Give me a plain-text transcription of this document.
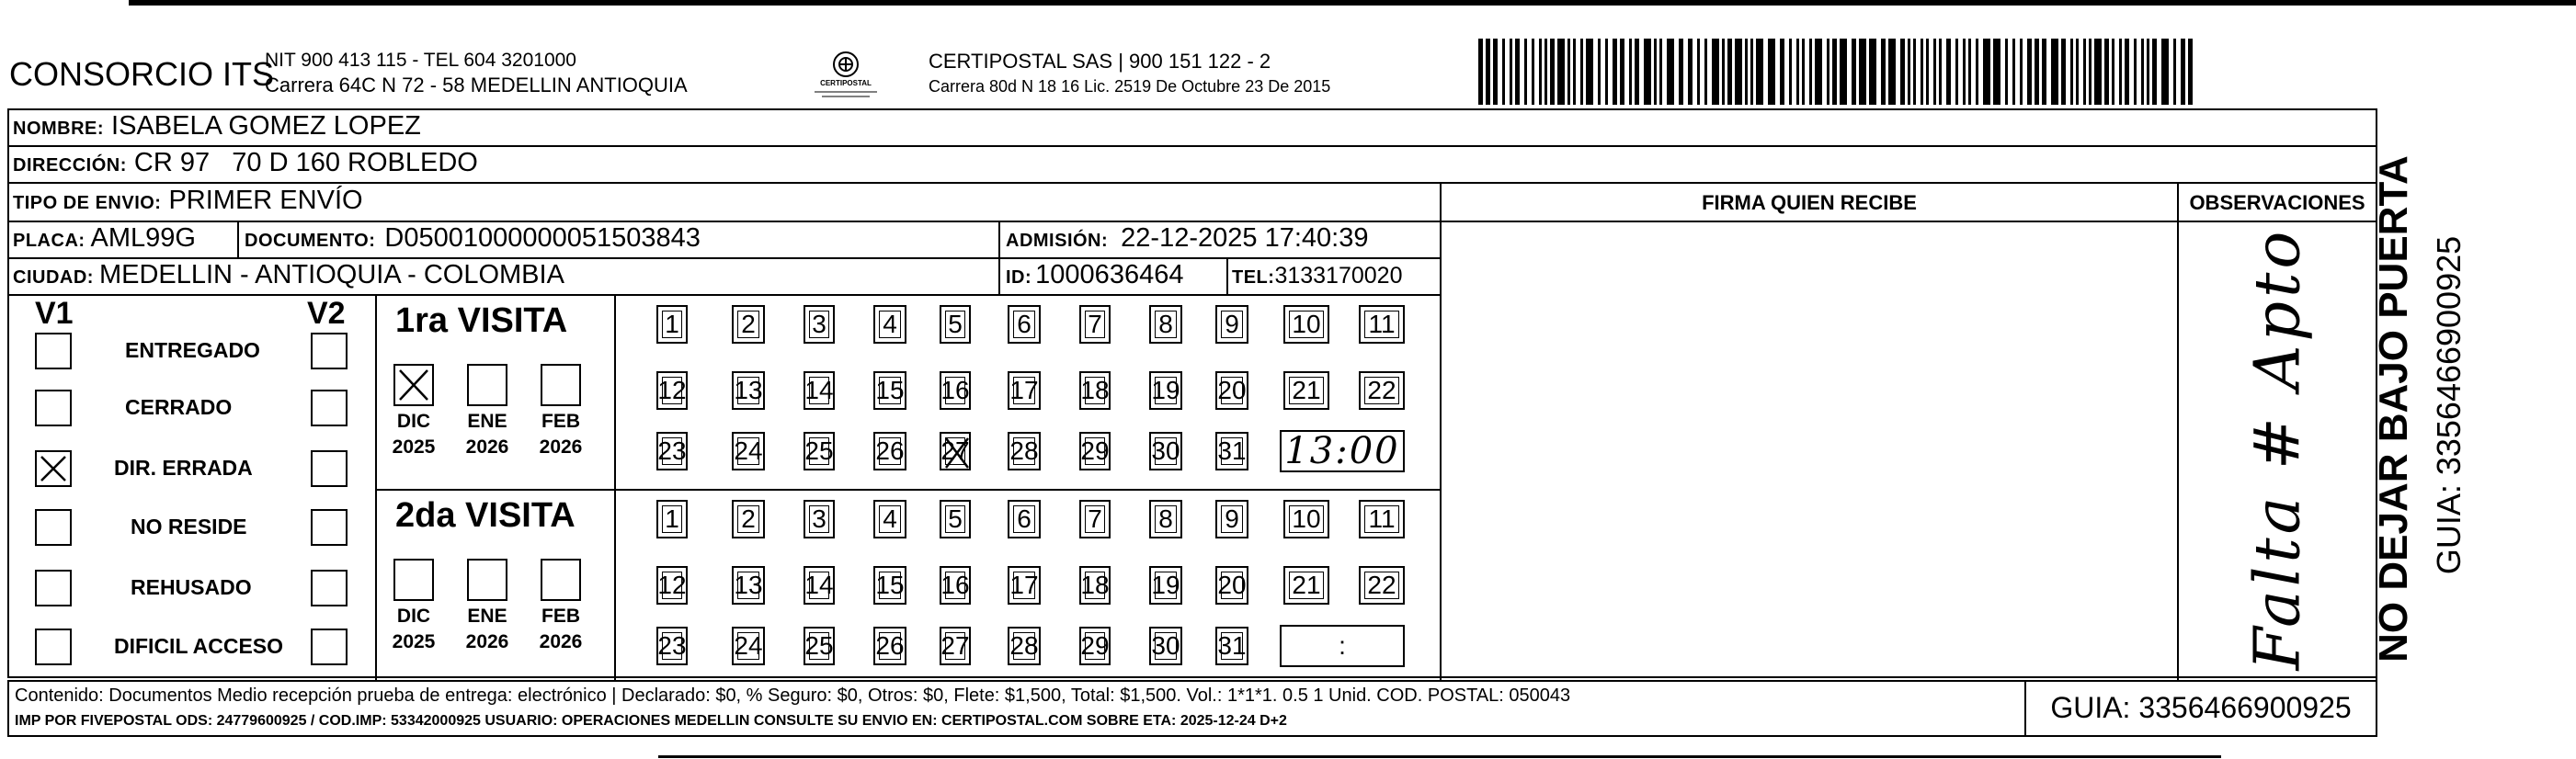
CONSORCIO ITS
NIT 900 413 115 - TEL 604 3201000
Carrera 64C N 72 - 58 MEDELLIN ANTIOQUIA	CERTIPOSTAL
CERTIPOSTAL SAS | 900 151 122 - 2
Carrera 80d N 18 16 Lic. 2519 De Octubre 23 De 2015
NOMBRE: ISABELA GOMEZ LOPEZ
DIRECCIÓN: CR 97   70 D 160 ROBLEDO
TIPO DE ENVIO: PRIMER ENVÍO
PLACA: AML99G	DOCUMENTO: D05001000000051503843	ADMISIÓN: 22-12-2025 17:40:39
CIUDAD: MEDELLIN - ANTIOQUIA - COLOMBIA	ID: 1000636464	TEL: 3133170020
FIRMA QUIEN RECIBE	OBSERVACIONES
Falta # Apto
V1	V2
ENTREGADO
CERRADO
DIR. ERRADA
NO RESIDE
REHUSADO
DIFICIL ACCESO
1ra VISITA
DIC
2025
ENE
2026
FEB
2026
1 2 3 4 5 6 7 8 9 10 11
12 13 14 15 16 17 18 19 20 21 22
23 24 25 26 27 28 29 30 31 13:00
2da VISITA
DIC
2025
ENE
2026
FEB
2026
1 2 3 4 5 6 7 8 9 10 11
12 13 14 15 16 17 18 19 20 21 22
23 24 25 26 27 28 29 30 31	:
Contenido: Documentos Medio recepción prueba de entrega: electrónico | Declarado: $0, % Seguro: $0, Otros: $0, Flete: $1,500, Total: $1,500. Vol.: 1*1*1. 0.5 1 Unid. COD. POSTAL: 050043
IMP POR FIVEPOSTAL ODS: 24779600925 / COD.IMP: 53342000925 USUARIO: OPERACIONES MEDELLIN CONSULTE SU ENVIO EN: CERTIPOSTAL.COM SOBRE ETA: 2025-12-24 D+2	GUIA: 3356466900925
NO DEJAR BAJO PUERTA GUIA: 3356466900925
